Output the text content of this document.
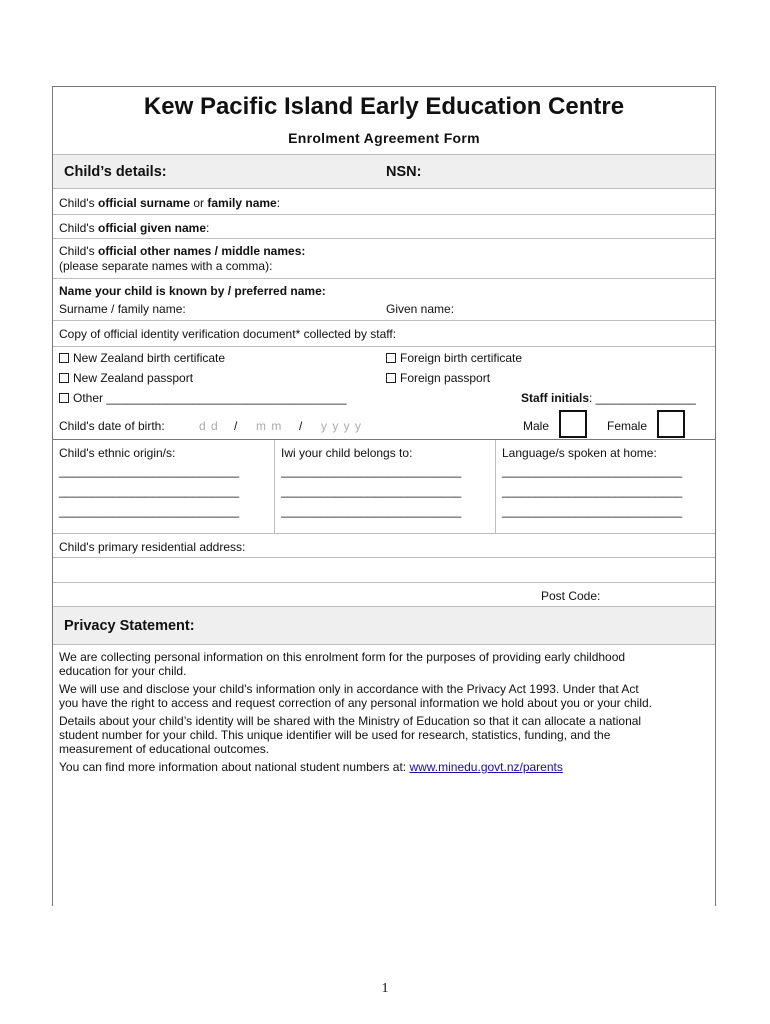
Kew Pacific Island Early Education Centre
Enrolment Agreement Form
Child’s details:	NSN:
Child's official surname or family name:
Child's official given name:
Child's official other names / middle names:
(please separate names with a comma):
Name your child is known by / preferred name:
Surname / family name:	Given name:
Copy of official identity verification document* collected by staff:
New Zealand birth certificate	Foreign birth certificate
New Zealand passport	Foreign passport
Other ____________________________________	Staff initials: _______________
Child's date of birth:	d d / m m / y y y y	Male	Female
Child's ethnic origin/s:	Iwi your child belongs to:	Language/s spoken at home:
___________________________
___________________________
___________________________
___________________________
___________________________
___________________________
___________________________
___________________________
___________________________
Child's primary residential address:
Post Code:
Privacy Statement:
We are collecting personal information on this enrolment form for the purposes of providing early childhood
education for your child.
We will use and disclose your child's information only in accordance with the Privacy Act 1993. Under that Act
you have the right to access and request correction of any personal information we hold about you or your child.
Details about your child’s identity will be shared with the Ministry of Education so that it can allocate a national
student number for your child. This unique identifier will be used for research, statistics, funding, and the
measurement of educational outcomes.
You can find more information about national student numbers at: www.minedu.govt.nz/parents
1
